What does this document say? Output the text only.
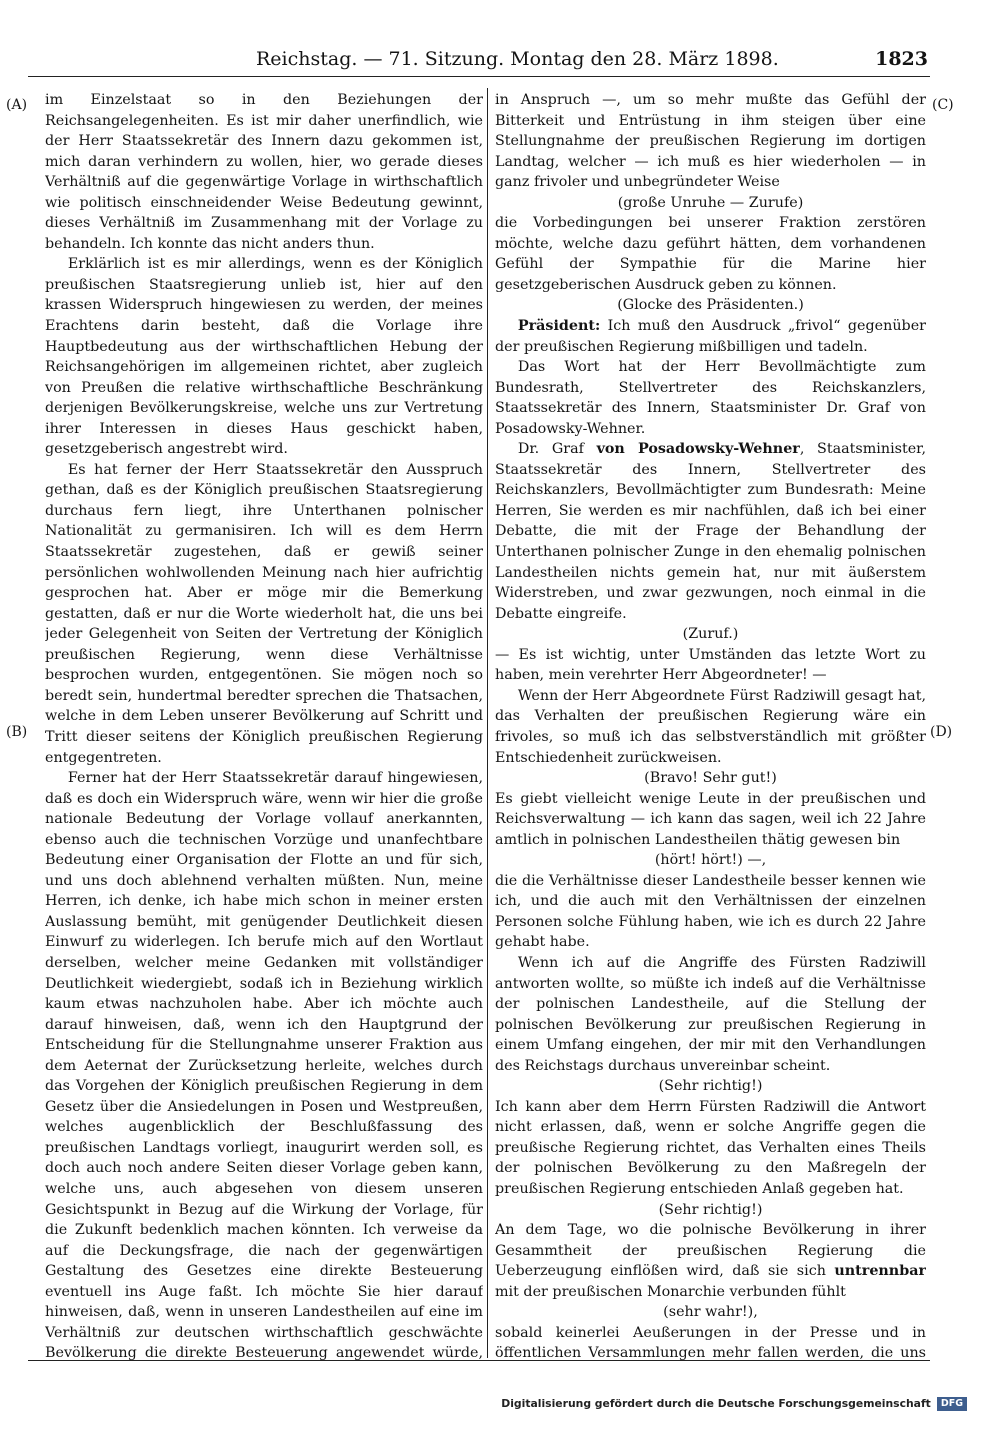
Reichstag. — 71. Sitzung. Montag den 28. März 1898.	1823
(A)
(B)
(C)
(D)

im Einzelstaat so in den Beziehungen der Reichsangelegenheiten. Es ist mir daher unerfindlich, wie der Herr Staatssekretär des Innern dazu gekommen ist, mich daran verhindern zu wollen, hier, wo gerade dieses Verhältniß auf die gegenwärtige Vorlage in wirthschaftlich wie politisch einschneidender Weise Bedeutung gewinnt, dieses Verhältniß im Zusammenhang mit der Vorlage zu behandeln. Ich konnte das nicht anders thun.

Erklärlich ist es mir allerdings, wenn es der Königlich preußischen Staatsregierung unlieb ist, hier auf den krassen Widerspruch hingewiesen zu werden, der meines Erachtens darin besteht, daß die Vorlage ihre Hauptbedeutung aus der wirthschaftlichen Hebung der Reichsangehörigen im allgemeinen richtet, aber zugleich von Preußen die relative wirthschaftliche Beschränkung derjenigen Bevölkerungskreise, welche uns zur Vertretung ihrer Interessen in dieses Haus geschickt haben, gesetzgeberisch angestrebt wird.

Es hat ferner der Herr Staatssekretär den Ausspruch gethan, daß es der Königlich preußischen Staatsregierung durchaus fern liegt, ihre Unterthanen polnischer Nationalität zu germanisiren. Ich will es dem Herrn Staatssekretär zugestehen, daß er gewiß seiner persönlichen wohlwollenden Meinung nach hier aufrichtig gesprochen hat. Aber er möge mir die Bemerkung gestatten, daß er nur die Worte wiederholt hat, die uns bei jeder Gelegenheit von Seiten der Vertretung der Königlich preußischen Regierung, wenn diese Verhältnisse besprochen wurden, entgegentönen. Sie mögen noch so beredt sein, hundertmal beredter sprechen die Thatsachen, welche in dem Leben unserer Bevölkerung auf Schritt und Tritt dieser seitens der Königlich preußischen Regierung entgegentreten.

Ferner hat der Herr Staatssekretär darauf hingewiesen, daß es doch ein Widerspruch wäre, wenn wir hier die große nationale Bedeutung der Vorlage vollauf anerkannten, ebenso auch die technischen Vorzüge und unanfechtbare Bedeutung einer Organisation der Flotte an und für sich, und uns doch ablehnend verhalten müßten. Nun, meine Herren, ich denke, ich habe mich schon in meiner ersten Auslassung bemüht, mit genügender Deutlichkeit diesen Einwurf zu widerlegen. Ich berufe mich auf den Wortlaut derselben, welcher meine Gedanken mit vollständiger Deutlichkeit wiedergiebt, sodaß ich in Beziehung wirklich kaum etwas nachzuholen habe. Aber ich möchte auch darauf hinweisen, daß, wenn ich den Hauptgrund der Entscheidung für die Stellungnahme unserer Fraktion aus dem Aeternat der Zurücksetzung herleite, welches durch das Vorgehen der Königlich preußischen Regierung in dem Gesetz über die Ansiedelungen in Posen und Westpreußen, welches augenblicklich der Beschlußfassung des preußischen Landtags vorliegt, inaugurirt werden soll, es doch auch noch andere Seiten dieser Vorlage geben kann, welche uns, auch abgesehen von diesem unseren Gesichtspunkt in Bezug auf die Wirkung der Vorlage, für die Zukunft bedenklich machen könnten. Ich verweise da auf die Deckungsfrage, die nach der gegenwärtigen Gestaltung des Gesetzes eine direkte Besteuerung eventuell ins Auge faßt. Ich möchte Sie hier darauf hinweisen, daß, wenn in unseren Landestheilen auf eine im Verhältniß zur deutschen wirthschaftlich geschwächte Bevölkerung die direkte Besteuerung angewendet würde,

in Anspruch —, um so mehr mußte das Gefühl der Bitterkeit und Entrüstung in ihm steigen über eine Stellungnahme der preußischen Regierung im dortigen Landtag, welcher — ich muß es hier wiederholen — in ganz frivoler und unbegründeter Weise

(große Unruhe — Zurufe)

die Vorbedingungen bei unserer Fraktion zerstören möchte, welche dazu geführt hätten, dem vorhandenen Gefühl der Sympathie für die Marine hier gesetzgeberischen Ausdruck geben zu können.

(Glocke des Präsidenten.)

Präsident: Ich muß den Ausdruck „frivol“ gegenüber der preußischen Regierung mißbilligen und tadeln.

Das Wort hat der Herr Bevollmächtigte zum Bundesrath, Stellvertreter des Reichskanzlers, Staatssekretär des Innern, Staatsminister Dr. Graf von Posadowsky-Wehner.

Dr. Graf von Posadowsky-Wehner, Staatsminister, Staatssekretär des Innern, Stellvertreter des Reichskanzlers, Bevollmächtigter zum Bundesrath: Meine Herren, Sie werden es mir nachfühlen, daß ich bei einer Debatte, die mit der Frage der Behandlung der Unterthanen polnischer Zunge in den ehemalig polnischen Landestheilen nichts gemein hat, nur mit äußerstem Widerstreben, und zwar gezwungen, noch einmal in die Debatte eingreife.

(Zuruf.)

— Es ist wichtig, unter Umständen das letzte Wort zu haben, mein verehrter Herr Abgeordneter! —

Wenn der Herr Abgeordnete Fürst Radziwill gesagt hat, das Verhalten der preußischen Regierung wäre ein frivoles, so muß ich das selbstverständlich mit größter Entschiedenheit zurückweisen.

(Bravo! Sehr gut!)

Es giebt vielleicht wenige Leute in der preußischen und Reichsverwaltung — ich kann das sagen, weil ich 22 Jahre amtlich in polnischen Landestheilen thätig gewesen bin

(hört! hört!) —,

die die Verhältnisse dieser Landestheile besser kennen wie ich, und die auch mit den Verhältnissen der einzelnen Personen solche Fühlung haben, wie ich es durch 22 Jahre gehabt habe.

Wenn ich auf die Angriffe des Fürsten Radziwill antworten wollte, so müßte ich indeß auf die Verhältnisse der polnischen Landestheile, auf die Stellung der polnischen Bevölkerung zur preußischen Regierung in einem Umfang eingehen, der mir mit den Verhandlungen des Reichstags durchaus unvereinbar scheint.

(Sehr richtig!)

Ich kann aber dem Herrn Fürsten Radziwill die Antwort nicht erlassen, daß, wenn er solche Angriffe gegen die preußische Regierung richtet, das Verhalten eines Theils der polnischen Bevölkerung zu den Maßregeln der preußischen Regierung entschieden Anlaß gegeben hat.

(Sehr richtig!)

An dem Tage, wo die polnische Bevölkerung in ihrer Gesammtheit der preußischen Regierung die Ueberzeugung einflößen wird, daß sie sich untrennbar mit der preußischen Monarchie verbunden fühlt

(sehr wahr!),

sobald keinerlei Aeußerungen in der Presse und in öffentlichen Versammlungen mehr fallen werden, die uns

Digitalisierung gefördert durch die Deutsche Forschungsgemeinschaft DFG
